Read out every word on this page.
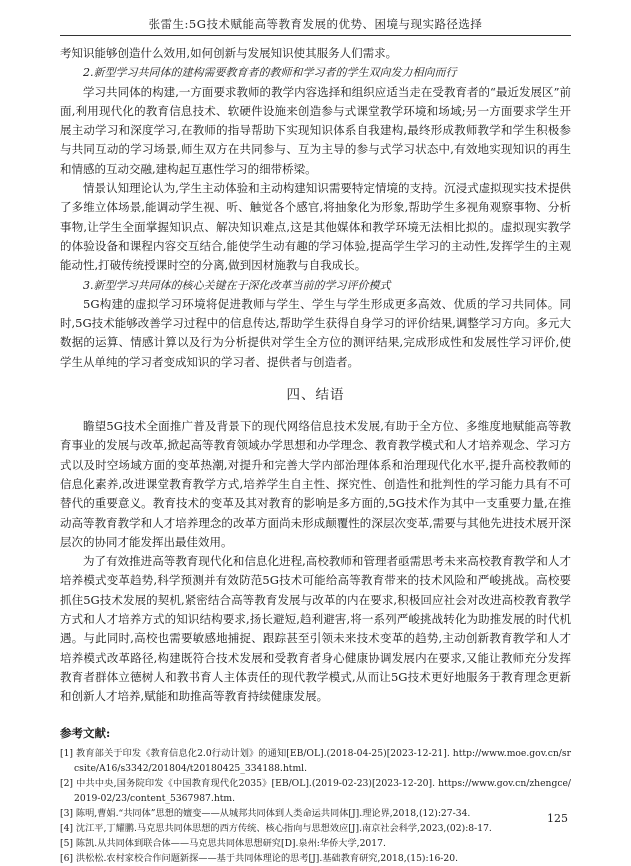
张雷生:5G技术赋能高等教育发展的优势、困境与现实路径选择

考知识能够创造什么效用,如何创新与发展知识使其服务人们需求。

2.新型学习共同体的建构需要教育者的教师和学习者的学生双向发力相向而行

学习共同体的构建,一方面要求教师的教学内容选择和组织应适当走在受教育者的“最近发展区”前面,利用现代化的教育信息技术、软硬件设施来创造参与式课堂教学环境和场域;另一方面要求学生开展主动学习和深度学习,在教师的指导帮助下实现知识体系自我建构,最终形成教师教学和学生积极参与共同互动的学习场景,师生双方在共同参与、互为主导的参与式学习状态中,有效地实现知识的再生和情感的互动交融,建构起互惠性学习的细带桥梁。

情景认知理论认为,学生主动体验和主动构建知识需要特定情境的支持。沉浸式虚拟现实技术提供了多维立体场景,能调动学生视、听、触觉各个感官,将抽象化为形象,帮助学生多视角观察事物、分析事物,让学生全面掌握知识点、解决知识难点,这是其他媒体和教学环境无法相比拟的。虚拟现实教学的体验设备和课程内容交互结合,能使学生动有趣的学习体验,提高学生学习的主动性,发挥学生的主观能动性,打破传统授课时空的分离,做到因材施教与自我成长。

3.新型学习共同体的核心关键在于深化改革当前的学习评价模式

5G构建的虚拟学习环境将促进教师与学生、学生与学生形成更多高效、优质的学习共同体。同时,5G技术能够改善学习过程中的信息传达,帮助学生获得自身学习的评价结果,调整学习方向。多元大数据的运算、情感计算以及行为分析提供对学生全方位的测评结果,完成形成性和发展性学习评价,使学生从单纯的学习者变成知识的学习者、提供者与创造者。

四、结语

瞻望5G技术全面推广普及背景下的现代网络信息技术发展,有助于全方位、多维度地赋能高等教育事业的发展与改革,掀起高等教育领域办学思想和办学理念、教育教学模式和人才培养观念、学习方式以及时空场域方面的变革热潮,对提升和完善大学内部治理体系和治理现代化水平,提升高校教师的信息化素养,改进课堂教育教学方式,培养学生自主性、探究性、创造性和批判性的学习能力具有不可替代的重要意义。教育技术的变革及其对教育的影响是多方面的,5G技术作为其中一支重要力量,在推动高等教育教学和人才培养理念的改革方面尚未形成颠覆性的深层次变革,需要与其他先进技术展开深层次的协同才能发挥出最佳效用。

为了有效推进高等教育现代化和信息化进程,高校教师和管理者亟需思考未来高校教育教学和人才培养模式变革趋势,科学预测并有效防范5G技术可能给高等教育带来的技术风险和严峻挑战。高校要抓住5G技术发展的契机,紧密结合高等教育发展与改革的内在要求,积极回应社会对改进高校教育教学方式和人才培养方式的知识结构要求,扬长避短,趋利避害,将一系列严峻挑战转化为助推发展的时代机遇。与此同时,高校也需要敏感地捕捉、跟踪甚至引领未来技术变革的趋势,主动创新教育教学和人才培养模式改革路径,构建既符合技术发展和受教育者身心健康协调发展内在要求,又能让教师充分发挥教育者群体立德树人和教书育人主体责任的现代教学模式,从而让5G技术更好地服务于教育理念更新和创新人才培养,赋能和助推高等教育持续健康发展。

参考文献:

[1] 教育部关于印发《教育信息化2.0行动计划》的通知[EB/OL].(2018-04-25)[2023-12-21]. http://www.moe.gov.cn/srcsite/A16/s3342/201804/t20180425_334188.html.

[2] 中共中央,国务院印发《中国教育现代化2035》[EB/OL].(2019-02-23)[2023-12-20]. https://www.gov.cn/zhengce/2019-02/23/content_5367987.htm.

[3] 陈明,曹娟.“共同体”思想的嬗变——从城邦共同体到人类命运共同体[J].理论界,2018,(12):27-34.

[4] 沈江平,丁耀鹏.马克思共同体思想的西方传统、核心指向与思想效应[J].南京社会科学,2023,(02):8-17.

[5] 陈凯.从共同体到联合体——马克思共同体思想研究[D].泉州:华侨大学,2017.

[6] 洪松松.农村家校合作问题新探——基于共同体理论的思考[J].基础教育研究,2018,(15):16-20.

125
